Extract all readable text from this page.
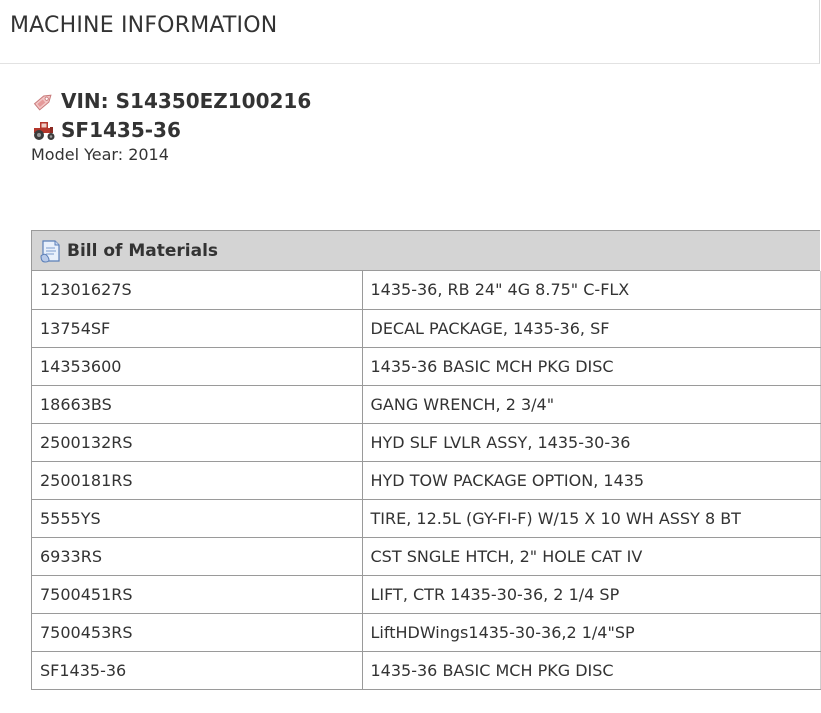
MACHINE INFORMATION
VIN: S14350EZ100216
SF1435-36
Model Year: 2014
Bill of Materials
12301627S	1435-36, RB 24" 4G 8.75" C-FLX
13754SF	DECAL PACKAGE, 1435-36, SF
14353600	1435-36 BASIC MCH PKG DISC
18663BS	GANG WRENCH, 2 3/4"
2500132RS	HYD SLF LVLR ASSY, 1435-30-36
2500181RS	HYD TOW PACKAGE OPTION, 1435
5555YS	TIRE, 12.5L (GY-FI-F) W/15 X 10 WH ASSY 8 BT
6933RS	CST SNGLE HTCH, 2" HOLE CAT IV
7500451RS	LIFT, CTR 1435-30-36, 2 1/4 SP
7500453RS	LiftHDWings1435-30-36,2 1/4"SP
SF1435-36	1435-36 BASIC MCH PKG DISC
